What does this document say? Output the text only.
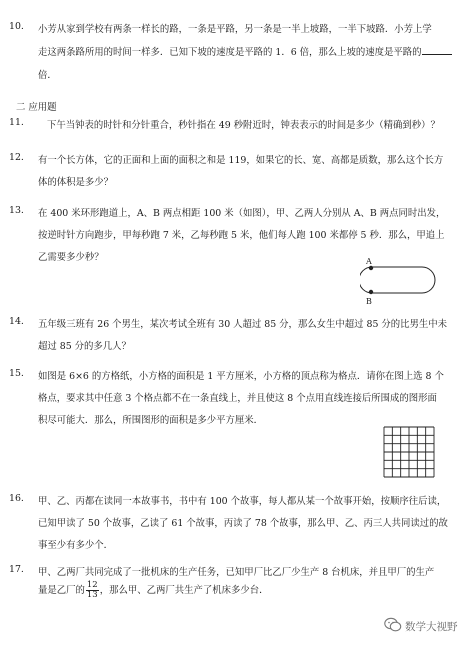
10.	小芳从家到学校有两条一样长的路，一条是平路，另一条是一半上坡路，一半下坡路．小芳上学
走这两条路所用的时间一样多．已知下坡的速度是平路的 1．6 倍，那么上坡的速度是平路的
倍．
二 应用题
11.	下午当钟表的时针和分针重合，秒针指在 49 秒附近时，钟表表示的时间是多少（精确到秒）？
12.	有一个长方体，它的正面和上面的面积之和是 119，如果它的长、宽、高都是质数，那么这个长方
体的体积是多少？
13.	在 400 米环形跑道上，A、B 两点相距 100 米（如图），甲、乙两人分别从 A、B 两点同时出发，
按逆时针方向跑步，甲每秒跑 7 米，乙每秒跑 5 米，他们每人跑 100 米都停 5 秒．那么，甲追上
乙需要多少秒？	A
B
14.	五年级三班有 26 个男生，某次考试全班有 30 人超过 85 分，那么女生中超过 85 分的比男生中未
超过 85 分的多几人？
15.	如图是 6×6 的方格纸，小方格的面积是 1 平方厘米，小方格的顶点称为格点．请你在图上选 8 个
格点，要求其中任意 3 个格点都不在一条直线上，并且使这 8 个点用直线连接后所围成的图形面
积尽可能大．那么，所围图形的面积是多少平方厘米．
16.	甲、乙、丙都在读同一本故事书，书中有 100 个故事，每人都从某一个故事开始，按顺序往后读，
已知甲读了 50 个故事，乙读了 61 个故事，丙读了 78 个故事，那么甲、乙、丙三人共同读过的故
事至少有多少个．
17.	甲、乙两厂共同完成了一批机床的生产任务，已知甲厂比乙厂少生产 8 台机床，并且甲厂的生产
量是乙厂的 $\frac{12}{13}$ ，那么甲、乙两厂共生产了机床多少台．
数学大视野
